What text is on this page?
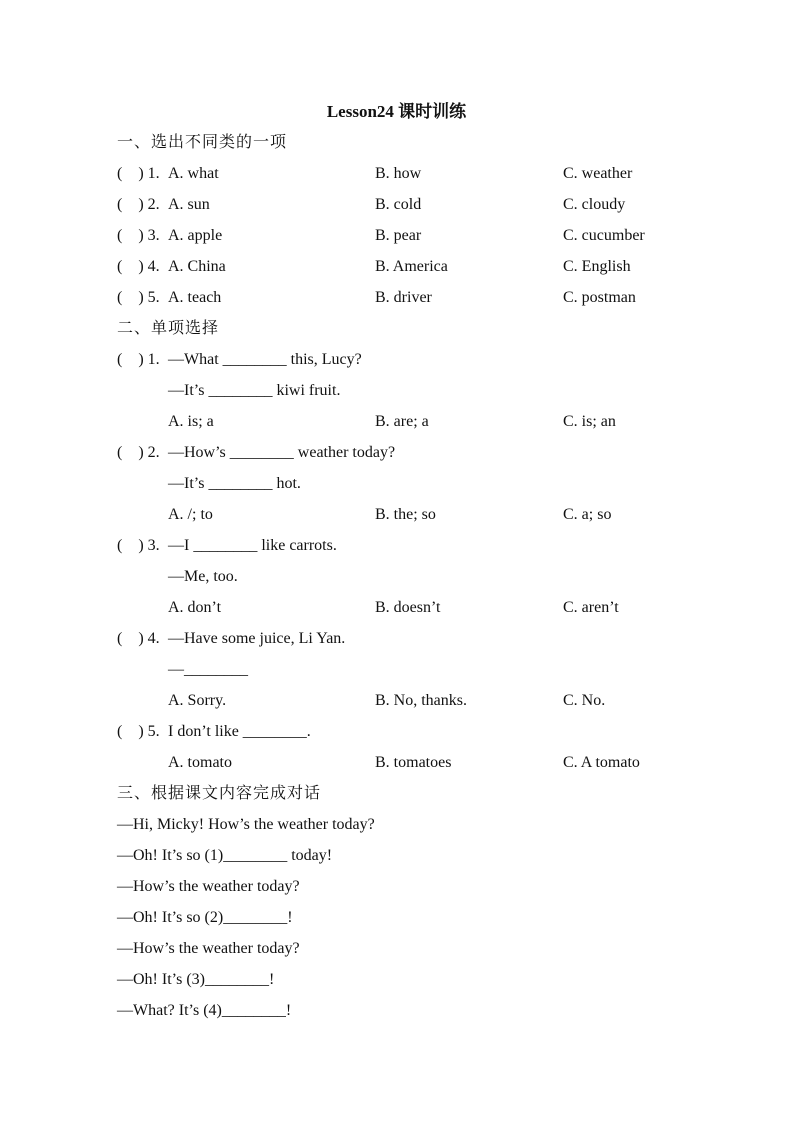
Lesson24 课时训练
一、选出不同类的一项
(    ) 1. A. what	B. how	C. weather
(    ) 2. A. sun	B. cold	C. cloudy
(    ) 3. A. apple	B. pear	C. cucumber
(    ) 4. A. China	B. America	C. English
(    ) 5. A. teach	B. driver	C. postman
二、单项选择
(    ) 1. —What ________ this, Lucy?
—It’s ________ kiwi fruit.
A. is; a	B. are; a	C. is; an
(    ) 2. —How’s ________ weather today?
—It’s ________ hot.
A. /; to	B. the; so	C. a; so
(    ) 3. —I ________ like carrots.
—Me, too.
A. don’t	B. doesn’t	C. aren’t
(    ) 4. —Have some juice, Li Yan.
—________
A. Sorry.	B. No, thanks.	C. No.
(    ) 5. I don’t like ________.
A. tomato	B. tomatoes	C. A tomato
三、根据课文内容完成对话
—Hi, Micky! How’s the weather today?
—Oh! It’s so (1)________ today!
—How’s the weather today?
—Oh! It’s so (2)________!
—How’s the weather today?
—Oh! It’s (3)________!
—What? It’s (4)________!
